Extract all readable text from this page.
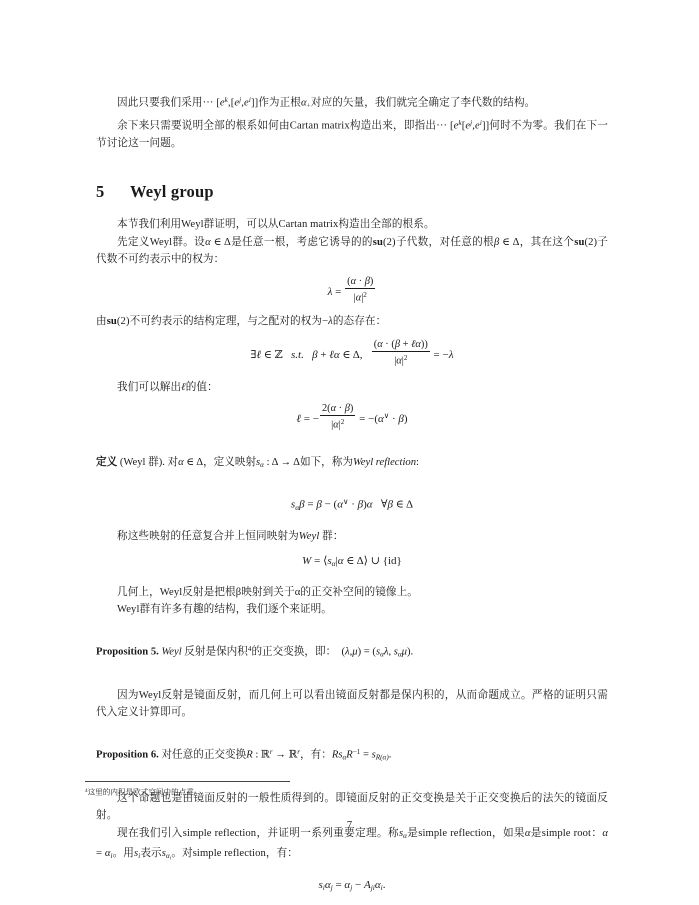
因此只要我们采用··· $[e^k,[e^j,e^i]]$作为正根$\alpha_+$对应的矢量，我们就完全确定了李代数的结构。

余下来只需要说明全部的根系如何由Cartan matrix构造出来，即指出··· $[e^k[e^j,e^i]]$何时不为零。我们在下一节讨论这一问题。

5 Weyl group

本节我们利用Weyl群证明，可以从Cartan matrix构造出全部的根系。

先定义Weyl群。设α ∈ Δ是任意一根，考虑它诱导的的su(2)子代数，对任意的根β ∈ Δ，其在这个su(2)子代数不可约表示中的权为：

$\lambda = \frac{(\alpha \cdot \beta)}{|\alpha|^2}$

由su(2)不可约表示的结构定理，与之配对的权为−λ的态存在：

∃ℓ ∈ ℤ s.t. β + ℓα ∈ Δ, $\frac{\text{(α · (β + ℓα))}}{|\alpha|^2} = -\lambda$

我们可以解出ℓ的值：

ℓ = − $\frac{2(\alpha \cdot \beta)}{|\alpha|^2} = -(\alpha^\vee \cdot \beta)$

定义 (Weyl 群). 对α ∈ Δ，定义映射$s_\alpha$ : Δ → Δ如下，称为Weyl reflection:

$s_\alpha\beta = \beta - (\alpha^\vee \cdot \beta)\alpha$ ∀β ∈ Δ

称这些映射的任意复合并上恒同映射为Weyl 群：

$W = ⟨s_\alpha|\alpha$ ∈ Δ⟩ ∪ {id}

几何上，Weyl反射是把根β映射到关于α的正交补空间的镜像上。

Weyl群有许多有趣的结构，我们逐个来证明。

Proposition 5. Weyl 反射是保内积$^4$的正交变换，即：  $(\lambda,\mu) = (s_\alpha\lambda$, $s_\alpha\mu$).

因为Weyl反射是镜面反射，而几何上可以看出镜面反射都是保内积的，从而命题成立。严格的证明只需代入定义计算即可。

Proposition 6. 对任意的正交变换R : ℝ$^r$ → ℝ$^r$，有：$Rs_\alpha R^{-1} = s_{R(\alpha)}$.

这个命题也是由镜面反射的一般性质得到的。即镜面反射的正交变换是关于正交变换后的法矢的镜面反射。

现在我们引入simple reflection，并证明一系列重要定理。称$s_\alpha$是simple reflection，如果α是simple root：$\alpha = \alpha_i$。用$s_i$表示$s_{\alpha_i}$。对simple reflection，有：

$s_i\alpha_j = \alpha_j - A_{ji}\alpha_i$.
$^4$这里的内积是欧式空间中的点乘。
7
